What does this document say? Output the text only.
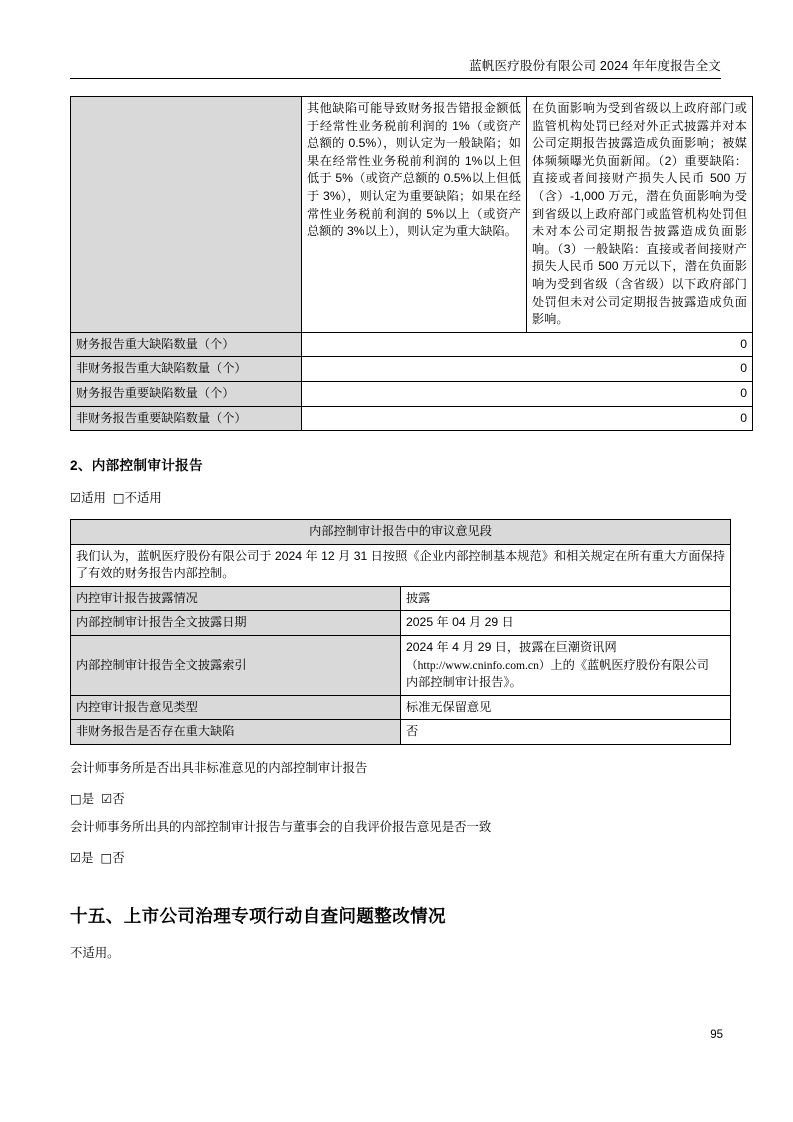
蓝帆医疗股份有限公司 2024 年年度报告全文
	其他缺陷可能导致财务报告错报金额低于经常性业务税前利润的 1%（或资产总额的 0.5%），则认定为一般缺陷；如果在经常性业务税前利润的 1%以上但低于 5%（或资产总额的 0.5%以上但低于 3%），则认定为重要缺陷；如果在经常性业务税前利润的 5%以上（或资产总额的 3%以上），则认定为重大缺陷。	在负面影响为受到省级以上政府部门或监管机构处罚已经对外正式披露并对本公司定期报告披露造成负面影响；被媒体频频曝光负面新闻。（2）重要缺陷：直接或者间接财产损失人民币 500 万（含）-1,000 万元，潜在负面影响为受到省级以上政府部门或监管机构处罚但未对本公司定期报告披露造成负面影响。（3）一般缺陷：直接或者间接财产损失人民币 500 万元以下，潜在负面影响为受到省级（含省级）以下政府部门处罚但未对公司定期报告披露造成负面影响。
财务报告重大缺陷数量（个）	0	
非财务报告重大缺陷数量（个）	0	
财务报告重要缺陷数量（个）	0	
非财务报告重要缺陷数量（个）	0	
2、内部控制审计报告

☑适用 □不适用

内部控制审计报告中的审议意见段	
我们认为，蓝帆医疗股份有限公司于 2024 年 12 月 31 日按照《企业内部控制基本规范》和相关规定在所有重大方面保持了有效的财务报告内部控制。	
内控审计报告披露情况	披露
内部控制审计报告全文披露日期	2025 年 04 月 29 日
内部控制审计报告全文披露索引	2024 年 4 月 29 日，披露在巨潮资讯网
（http://www.cninfo.com.cn）上的《蓝帆医疗股份有限公司
内部控制审计报告》。
内控审计报告意见类型	标准无保留意见
非财务报告是否存在重大缺陷	否

会计师事务所是否出具非标准意见的内部控制审计报告

□是 ☑否

会计师事务所出具的内部控制审计报告与董事会的自我评价报告意见是否一致

☑是 □否

十五、上市公司治理专项行动自查问题整改情况

不适用。

95
